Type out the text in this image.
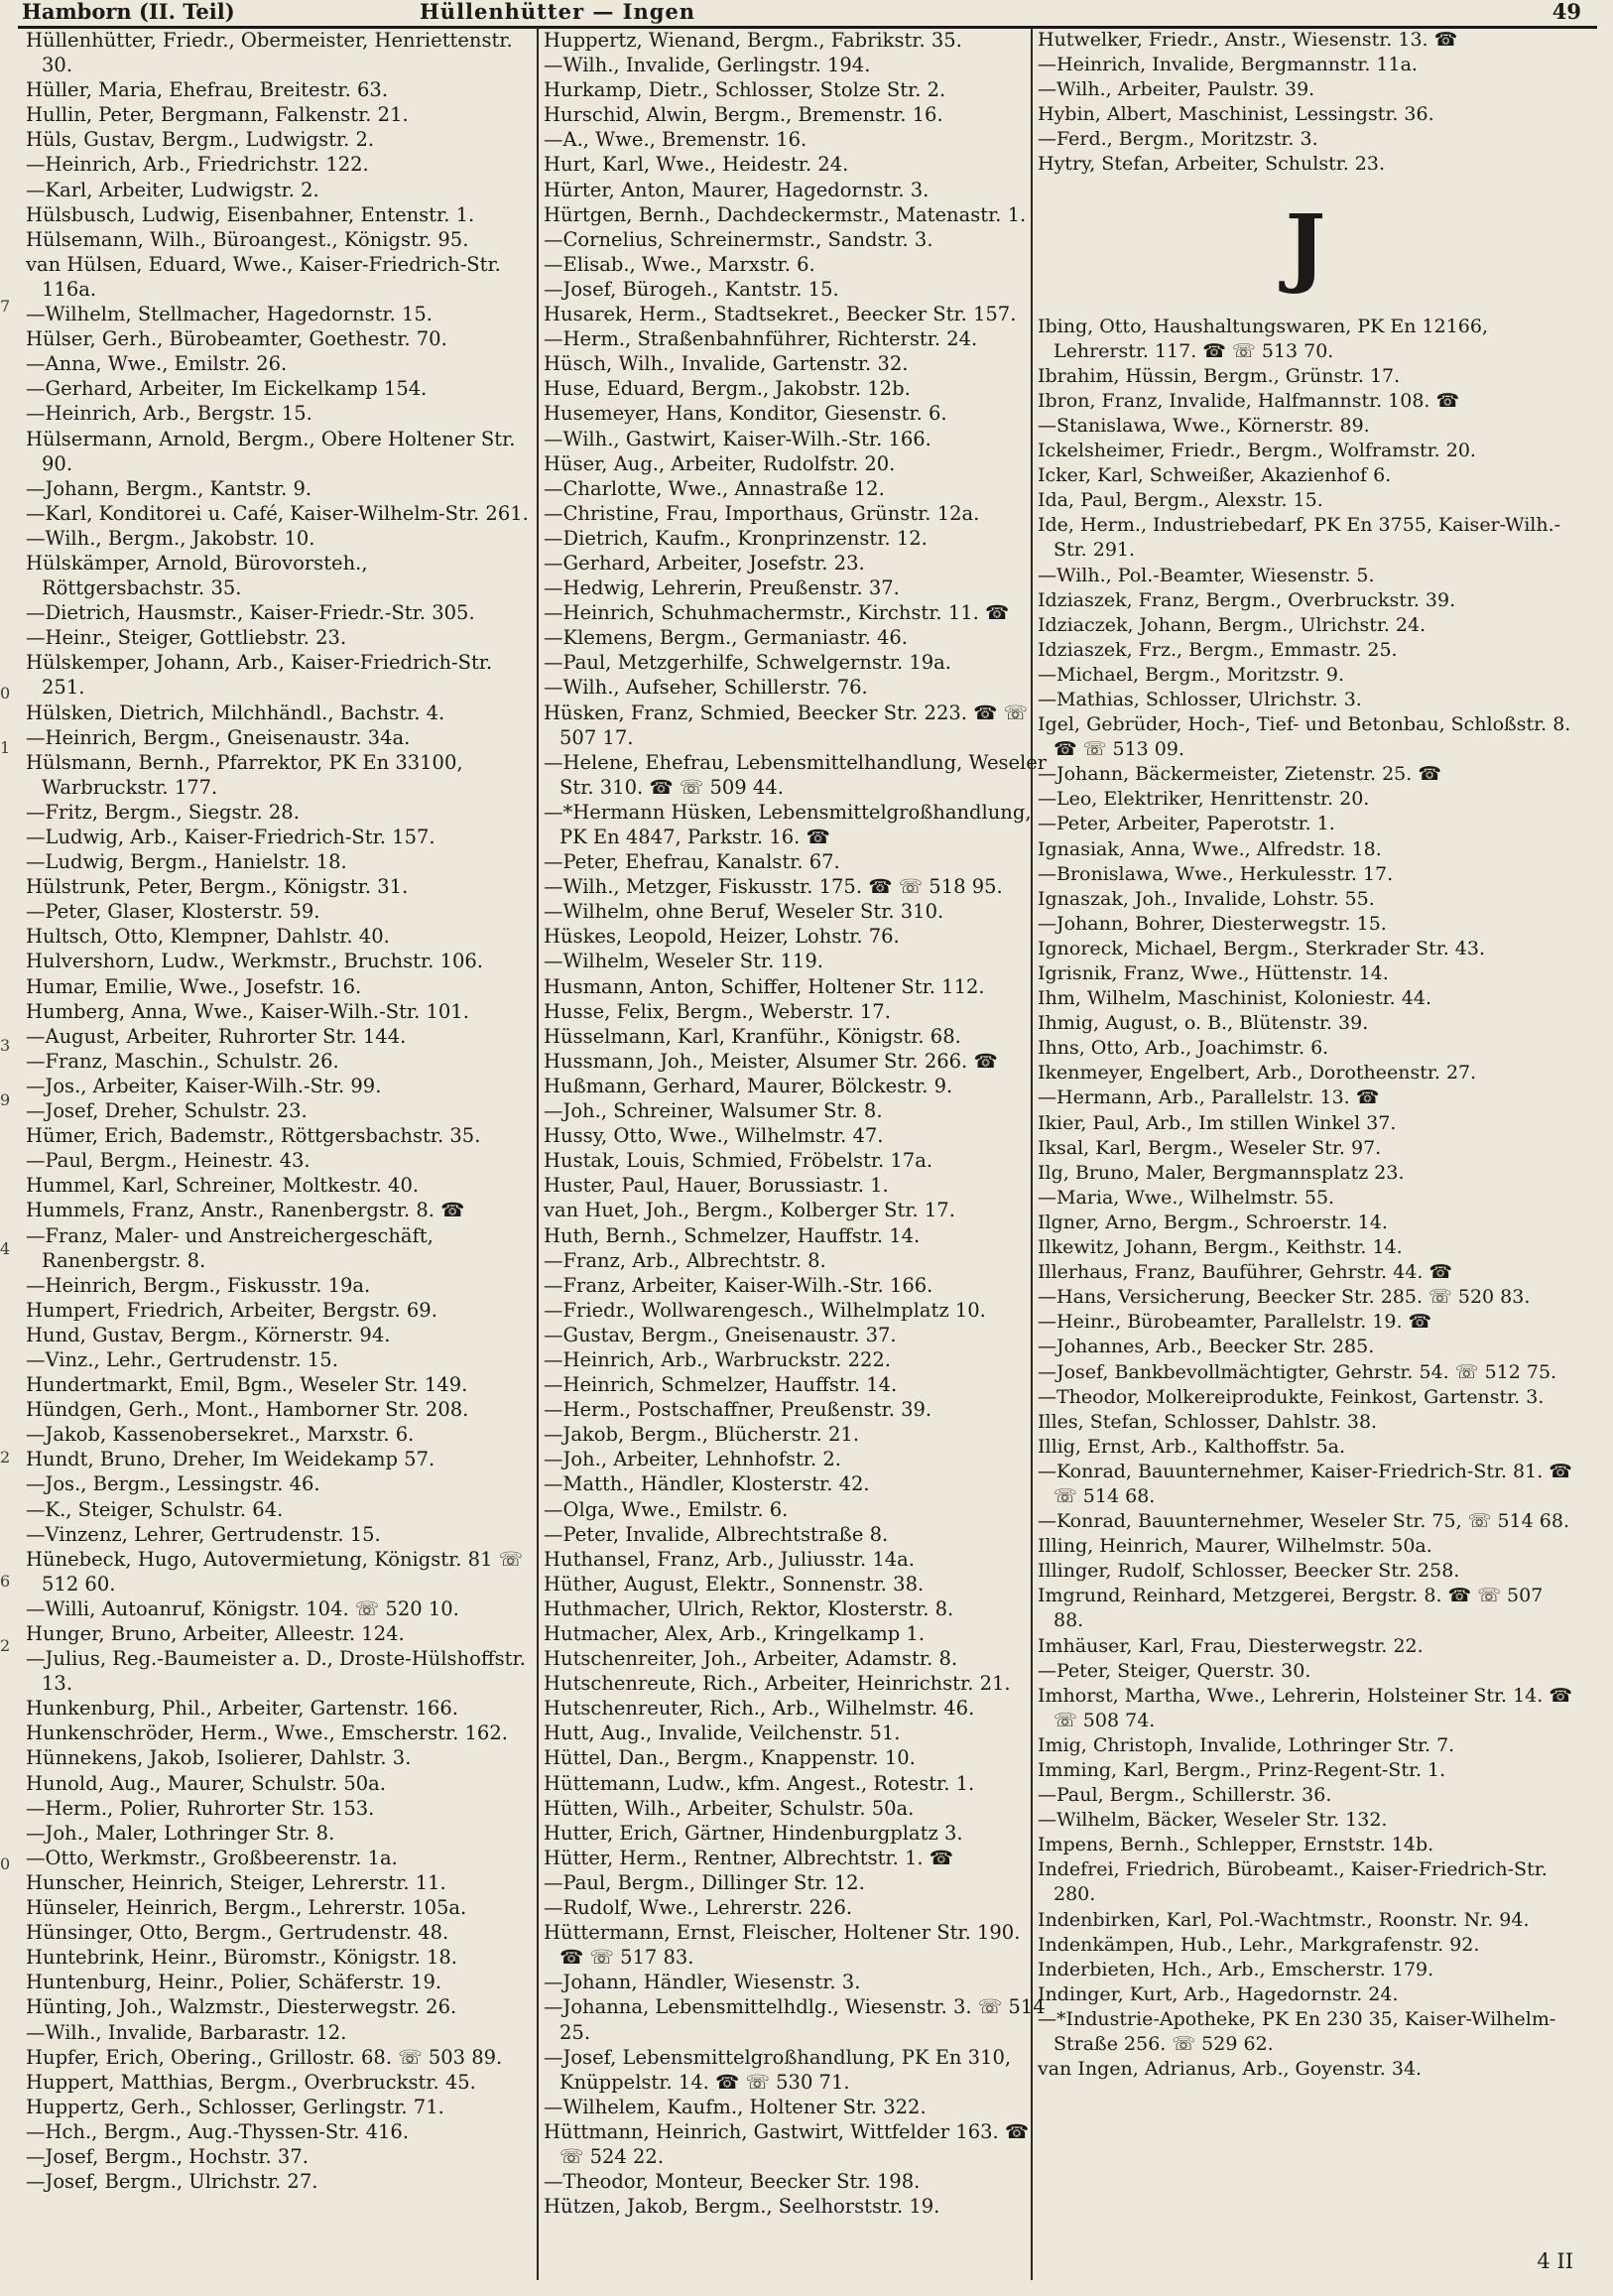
Hamborn (II. Teil)	Hüllenhütter — Ingen	49
7
0
1
3
9
4
2
6
2
0
Hüllenhütter, Friedr., Obermeister, Henriettenstr. 30.
Hüller, Maria, Ehefrau, Breitestr. 63.
Hullin, Peter, Bergmann, Falkenstr. 21.
Hüls, Gustav, Bergm., Ludwigstr. 2.
—Heinrich, Arb., Friedrichstr. 122.
—Karl, Arbeiter, Ludwigstr. 2.
Hülsbusch, Ludwig, Eisenbahner, Entenstr. 1.
Hülsemann, Wilh., Büroangest., Königstr. 95.
van Hülsen, Eduard, Wwe., Kaiser-Friedrich-Str. 116a.
—Wilhelm, Stellmacher, Hagedornstr. 15.
Hülser, Gerh., Bürobeamter, Goethestr. 70.
—Anna, Wwe., Emilstr. 26.
—Gerhard, Arbeiter, Im Eickelkamp 154.
—Heinrich, Arb., Bergstr. 15.
Hülsermann, Arnold, Bergm., Obere Holtener Str. 90.
—Johann, Bergm., Kantstr. 9.
—Karl, Konditorei u. Café, Kaiser-Wilhelm-Str. 261.
—Wilh., Bergm., Jakobstr. 10.
Hülskämper, Arnold, Bürovorsteh., Röttgersbachstr. 35.
—Dietrich, Hausmstr., Kaiser-Friedr.-Str. 305.
—Heinr., Steiger, Gottliebstr. 23.
Hülskemper, Johann, Arb., Kaiser-Friedrich-Str. 251.
Hülsken, Dietrich, Milchhändl., Bachstr. 4.
—Heinrich, Bergm., Gneisenaustr. 34a.
Hülsmann, Bernh., Pfarrektor, PK En 33100, Warbruckstr. 177.
—Fritz, Bergm., Siegstr. 28.
—Ludwig, Arb., Kaiser-Friedrich-Str. 157.
—Ludwig, Bergm., Hanielstr. 18.
Hülstrunk, Peter, Bergm., Königstr. 31.
—Peter, Glaser, Klosterstr. 59.
Hultsch, Otto, Klempner, Dahlstr. 40.
Hulvershorn, Ludw., Werkmstr., Bruchstr. 106.
Humar, Emilie, Wwe., Josefstr. 16.
Humberg, Anna, Wwe., Kaiser-Wilh.-Str. 101.
—August, Arbeiter, Ruhrorter Str. 144.
—Franz, Maschin., Schulstr. 26.
—Jos., Arbeiter, Kaiser-Wilh.-Str. 99.
—Josef, Dreher, Schulstr. 23.
Hümer, Erich, Bademstr., Röttgersbachstr. 35.
—Paul, Bergm., Heinestr. 43.
Hummel, Karl, Schreiner, Moltkestr. 40.
Hummels, Franz, Anstr., Ranenbergstr. 8. ☎
—Franz, Maler- und Anstreichergeschäft, Ranenbergstr. 8.
—Heinrich, Bergm., Fiskusstr. 19a.
Humpert, Friedrich, Arbeiter, Bergstr. 69.
Hund, Gustav, Bergm., Körnerstr. 94.
—Vinz., Lehr., Gertrudenstr. 15.
Hundertmarkt, Emil, Bgm., Weseler Str. 149.
Hündgen, Gerh., Mont., Hamborner Str. 208.
—Jakob, Kassenobersekret., Marxstr. 6.
Hundt, Bruno, Dreher, Im Weidekamp 57.
—Jos., Bergm., Lessingstr. 46.
—K., Steiger, Schulstr. 64.
—Vinzenz, Lehrer, Gertrudenstr. 15.
Hünebeck, Hugo, Autovermietung, Königstr. 81 ☏ 512 60.
—Willi, Autoanruf, Königstr. 104. ☏ 520 10.
Hunger, Bruno, Arbeiter, Alleestr. 124.
—Julius, Reg.-Baumeister a. D., Droste-Hülshoffstr. 13.
Hunkenburg, Phil., Arbeiter, Gartenstr. 166.
Hunkenschröder, Herm., Wwe., Emscherstr. 162.
Hünnekens, Jakob, Isolierer, Dahlstr. 3.
Hunold, Aug., Maurer, Schulstr. 50a.
—Herm., Polier, Ruhrorter Str. 153.
—Joh., Maler, Lothringer Str. 8.
—Otto, Werkmstr., Großbeerenstr. 1a.
Hunscher, Heinrich, Steiger, Lehrerstr. 11.
Hünseler, Heinrich, Bergm., Lehrerstr. 105a.
Hünsinger, Otto, Bergm., Gertrudenstr. 48.
Huntebrink, Heinr., Büromstr., Königstr. 18.
Huntenburg, Heinr., Polier, Schäferstr. 19.
Hünting, Joh., Walzmstr., Diesterwegstr. 26.
—Wilh., Invalide, Barbarastr. 12.
Hupfer, Erich, Obering., Grillostr. 68. ☏ 503 89.
Huppert, Matthias, Bergm., Overbruckstr. 45.
Huppertz, Gerh., Schlosser, Gerlingstr. 71.
—Hch., Bergm., Aug.-Thyssen-Str. 416.
—Josef, Bergm., Hochstr. 37.
—Josef, Bergm., Ulrichstr. 27.
Huppertz, Wienand, Bergm., Fabrikstr. 35.
—Wilh., Invalide, Gerlingstr. 194.
Hurkamp, Dietr., Schlosser, Stolze Str. 2.
Hurschid, Alwin, Bergm., Bremenstr. 16.
—A., Wwe., Bremenstr. 16.
Hurt, Karl, Wwe., Heidestr. 24.
Hürter, Anton, Maurer, Hagedornstr. 3.
Hürtgen, Bernh., Dachdeckermstr., Matenastr. 1.
—Cornelius, Schreinermstr., Sandstr. 3.
—Elisab., Wwe., Marxstr. 6.
—Josef, Bürogeh., Kantstr. 15.
Husarek, Herm., Stadtsekret., Beecker Str. 157.
—Herm., Straßenbahnführer, Richterstr. 24.
Hüsch, Wilh., Invalide, Gartenstr. 32.
Huse, Eduard, Bergm., Jakobstr. 12b.
Husemeyer, Hans, Konditor, Giesenstr. 6.
—Wilh., Gastwirt, Kaiser-Wilh.-Str. 166.
Hüser, Aug., Arbeiter, Rudolfstr. 20.
—Charlotte, Wwe., Annastraße 12.
—Christine, Frau, Importhaus, Grünstr. 12a.
—Dietrich, Kaufm., Kronprinzenstr. 12.
—Gerhard, Arbeiter, Josefstr. 23.
—Hedwig, Lehrerin, Preußenstr. 37.
—Heinrich, Schuhmachermstr., Kirchstr. 11. ☎
—Klemens, Bergm., Germaniastr. 46.
—Paul, Metzgerhilfe, Schwelgernstr. 19a.
—Wilh., Aufseher, Schillerstr. 76.
Hüsken, Franz, Schmied, Beecker Str. 223. ☎ ☏ 507 17.
—Helene, Ehefrau, Lebensmittelhandlung, Weseler Str. 310. ☎ ☏ 509 44.
—*Hermann Hüsken, Lebensmittelgroßhandlung, PK En 4847, Parkstr. 16. ☎
—Peter, Ehefrau, Kanalstr. 67.
—Wilh., Metzger, Fiskusstr. 175. ☎ ☏ 518 95.
—Wilhelm, ohne Beruf, Weseler Str. 310.
Hüskes, Leopold, Heizer, Lohstr. 76.
—Wilhelm, Weseler Str. 119.
Husmann, Anton, Schiffer, Holtener Str. 112.
Husse, Felix, Bergm., Weberstr. 17.
Hüsselmann, Karl, Kranführ., Königstr. 68.
Hussmann, Joh., Meister, Alsumer Str. 266. ☎
Hußmann, Gerhard, Maurer, Bölckestr. 9.
—Joh., Schreiner, Walsumer Str. 8.
Hussy, Otto, Wwe., Wilhelmstr. 47.
Hustak, Louis, Schmied, Fröbelstr. 17a.
Huster, Paul, Hauer, Borussiastr. 1.
van Huet, Joh., Bergm., Kolberger Str. 17.
Huth, Bernh., Schmelzer, Hauffstr. 14.
—Franz, Arb., Albrechtstr. 8.
—Franz, Arbeiter, Kaiser-Wilh.-Str. 166.
—Friedr., Wollwarengesch., Wilhelmplatz 10.
—Gustav, Bergm., Gneisenaustr. 37.
—Heinrich, Arb., Warbruckstr. 222.
—Heinrich, Schmelzer, Hauffstr. 14.
—Herm., Postschaffner, Preußenstr. 39.
—Jakob, Bergm., Blücherstr. 21.
—Joh., Arbeiter, Lehnhofstr. 2.
—Matth., Händler, Klosterstr. 42.
—Olga, Wwe., Emilstr. 6.
—Peter, Invalide, Albrechtstraße 8.
Huthansel, Franz, Arb., Juliusstr. 14a.
Hüther, August, Elektr., Sonnenstr. 38.
Huthmacher, Ulrich, Rektor, Klosterstr. 8.
Hutmacher, Alex, Arb., Kringelkamp 1.
Hutschenreiter, Joh., Arbeiter, Adamstr. 8.
Hutschenreute, Rich., Arbeiter, Heinrichstr. 21.
Hutschenreuter, Rich., Arb., Wilhelmstr. 46.
Hutt, Aug., Invalide, Veilchenstr. 51.
Hüttel, Dan., Bergm., Knappenstr. 10.
Hüttemann, Ludw., kfm. Angest., Rotestr. 1.
Hütten, Wilh., Arbeiter, Schulstr. 50a.
Hutter, Erich, Gärtner, Hindenburgplatz 3.
Hütter, Herm., Rentner, Albrechtstr. 1. ☎
—Paul, Bergm., Dillinger Str. 12.
—Rudolf, Wwe., Lehrerstr. 226.
Hüttermann, Ernst, Fleischer, Holtener Str. 190. ☎ ☏ 517 83.
—Johann, Händler, Wiesenstr. 3.
—Johanna, Lebensmittelhdlg., Wiesenstr. 3. ☏ 514 25.
—Josef, Lebensmittelgroßhandlung, PK En 310, Knüppelstr. 14. ☎ ☏ 530 71.
—Wilhelem, Kaufm., Holtener Str. 322.
Hüttmann, Heinrich, Gastwirt, Wittfelder 163. ☎ ☏ 524 22.
—Theodor, Monteur, Beecker Str. 198.
Hützen, Jakob, Bergm., Seelhorststr. 19.
Hutwelker, Friedr., Anstr., Wiesenstr. 13. ☎
—Heinrich, Invalide, Bergmannstr. 11a.
—Wilh., Arbeiter, Paulstr. 39.
Hybin, Albert, Maschinist, Lessingstr. 36.
—Ferd., Bergm., Moritzstr. 3.
Hytry, Stefan, Arbeiter, Schulstr. 23.
J
Ibing, Otto, Haushaltungswaren, PK En 12166, Lehrerstr. 117. ☎ ☏ 513 70.
Ibrahim, Hüssin, Bergm., Grünstr. 17.
Ibron, Franz, Invalide, Halfmannstr. 108. ☎
—Stanislawa, Wwe., Körnerstr. 89.
Ickelsheimer, Friedr., Bergm., Wolframstr. 20.
Icker, Karl, Schweißer, Akazienhof 6.
Ida, Paul, Bergm., Alexstr. 15.
Ide, Herm., Industriebedarf, PK En 3755, Kaiser-Wilh.-Str. 291.
—Wilh., Pol.-Beamter, Wiesenstr. 5.
Idziaszek, Franz, Bergm., Overbruckstr. 39.
Idziaczek, Johann, Bergm., Ulrichstr. 24.
Idziaszek, Frz., Bergm., Emmastr. 25.
—Michael, Bergm., Moritzstr. 9.
—Mathias, Schlosser, Ulrichstr. 3.
Igel, Gebrüder, Hoch-, Tief- und Betonbau, Schloßstr. 8. ☎ ☏ 513 09.
—Johann, Bäckermeister, Zietenstr. 25. ☎
—Leo, Elektriker, Henrittenstr. 20.
—Peter, Arbeiter, Paperotstr. 1.
Ignasiak, Anna, Wwe., Alfredstr. 18.
—Bronislawa, Wwe., Herkulesstr. 17.
Ignaszak, Joh., Invalide, Lohstr. 55.
—Johann, Bohrer, Diesterwegstr. 15.
Ignoreck, Michael, Bergm., Sterkrader Str. 43.
Igrisnik, Franz, Wwe., Hüttenstr. 14.
Ihm, Wilhelm, Maschinist, Koloniestr. 44.
Ihmig, August, o. B., Blütenstr. 39.
Ihns, Otto, Arb., Joachimstr. 6.
Ikenmeyer, Engelbert, Arb., Dorotheenstr. 27.
—Hermann, Arb., Parallelstr. 13. ☎
Ikier, Paul, Arb., Im stillen Winkel 37.
Iksal, Karl, Bergm., Weseler Str. 97.
Ilg, Bruno, Maler, Bergmannsplatz 23.
—Maria, Wwe., Wilhelmstr. 55.
Ilgner, Arno, Bergm., Schroerstr. 14.
Ilkewitz, Johann, Bergm., Keithstr. 14.
Illerhaus, Franz, Bauführer, Gehrstr. 44. ☎
—Hans, Versicherung, Beecker Str. 285. ☏ 520 83.
—Heinr., Bürobeamter, Parallelstr. 19. ☎
—Johannes, Arb., Beecker Str. 285.
—Josef, Bankbevollmächtigter, Gehrstr. 54. ☏ 512 75.
—Theodor, Molkereiprodukte, Feinkost, Gartenstr. 3.
Illes, Stefan, Schlosser, Dahlstr. 38.
Illig, Ernst, Arb., Kalthoffstr. 5a.
—Konrad, Bauunternehmer, Kaiser-Friedrich-Str. 81. ☎ ☏ 514 68.
—Konrad, Bauunternehmer, Weseler Str. 75, ☏ 514 68.
Illing, Heinrich, Maurer, Wilhelmstr. 50a.
Illinger, Rudolf, Schlosser, Beecker Str. 258.
Imgrund, Reinhard, Metzgerei, Bergstr. 8. ☎ ☏ 507 88.
Imhäuser, Karl, Frau, Diesterwegstr. 22.
—Peter, Steiger, Querstr. 30.
Imhorst, Martha, Wwe., Lehrerin, Holsteiner Str. 14. ☎ ☏ 508 74.
Imig, Christoph, Invalide, Lothringer Str. 7.
Imming, Karl, Bergm., Prinz-Regent-Str. 1.
—Paul, Bergm., Schillerstr. 36.
—Wilhelm, Bäcker, Weseler Str. 132.
Impens, Bernh., Schlepper, Ernststr. 14b.
Indefrei, Friedrich, Bürobeamt., Kaiser-Friedrich-Str. 280.
Indenbirken, Karl, Pol.-Wachtmstr., Roonstr. Nr. 94.
Indenkämpen, Hub., Lehr., Markgrafenstr. 92.
Inderbieten, Hch., Arb., Emscherstr. 179.
Indinger, Kurt, Arb., Hagedornstr. 24.
—*Industrie-Apotheke, PK En 230 35, Kaiser-Wilhelm-Straße 256. ☏ 529 62.
van Ingen, Adrianus, Arb., Goyenstr. 34.
4 II
